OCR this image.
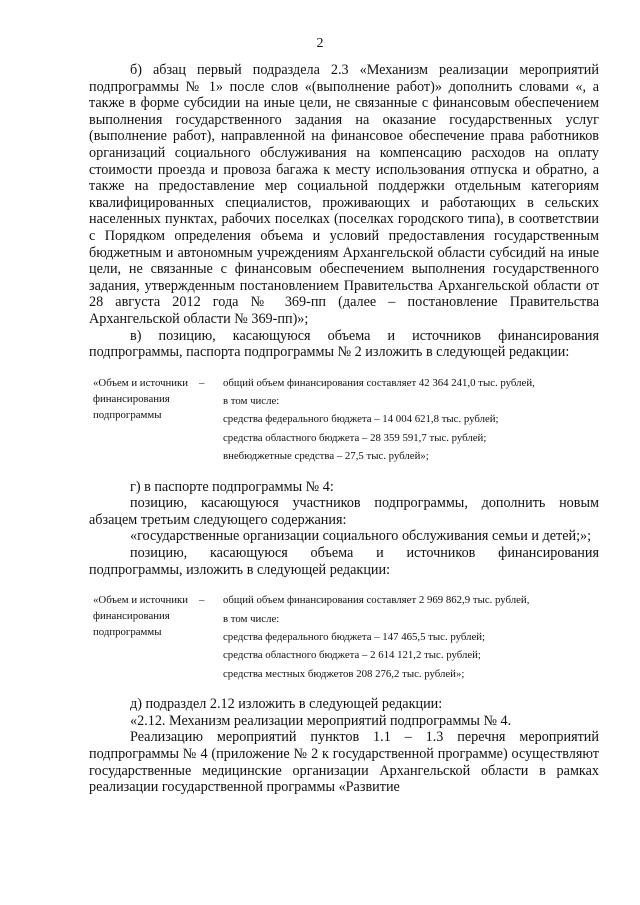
2

б) абзац первый подраздела 2.3 «Механизм реализации мероприятий подпрограммы № 1» после слов «(выполнение работ)» дополнить словами «, а также в форме субсидии на иные цели, не связанные с финансовым обеспечением выполнения государственного задания на оказание государственных услуг (выполнение работ), направленной на финансовое обеспечение права работников организаций социального обслуживания на компенсацию расходов на оплату стоимости проезда и провоза багажа к месту использования отпуска и обратно, а также на предоставление мер социальной поддержки отдельным категориям квалифицированных специалистов, проживающих и работающих в сельских населенных пунктах, рабочих поселках (поселках городского типа), в соответствии с Порядком определения объема и условий предоставления государственным бюджетным и автономным учреждениям Архангельской области субсидий на иные цели, не связанные с финансовым обеспечением выполнения государственного задания, утвержденным постановлением Правительства Архангельской области от 28 августа 2012 года № 369-пп (далее – постановление Правительства Архангельской области № 369-пп)»;

в) позицию, касающуюся объема и источников финансирования подпрограммы, паспорта подпрограммы № 2 изложить в следующей редакции:

«Объем и источники финансирования подпрограммы
–	общий объем финансирования составляет 42 364 241,0 тыс. рублей,
в том числе:
средства федерального бюджета – 14 004 621,8 тыс. рублей;
средства областного бюджета – 28 359 591,7 тыс. рублей;
внебюджетные средства – 27,5 тыс. рублей»;

г) в паспорте подпрограммы № 4:

позицию, касающуюся участников подпрограммы, дополнить новым абзацем третьим следующего содержания:

«государственные организации социального обслуживания семьи и детей;»;

позицию, касающуюся объема и источников финансирования подпрограммы, изложить в следующей редакции:

«Объем и источники финансирования подпрограммы
–	общий объем финансирования составляет 2 969 862,9 тыс. рублей,
в том числе:
средства федерального бюджета – 147 465,5 тыс. рублей;
средства областного бюджета – 2 614 121,2 тыс. рублей;
средства местных бюджетов 208 276,2 тыс. рублей»;

д) подраздел 2.12 изложить в следующей редакции:

«2.12. Механизм реализации мероприятий подпрограммы № 4.

Реализацию мероприятий пунктов 1.1 – 1.3 перечня мероприятий подпрограммы № 4 (приложение № 2 к государственной программе) осуществляют государственные медицинские организации Архангельской области в рамках реализации государственной программы «Развитие
